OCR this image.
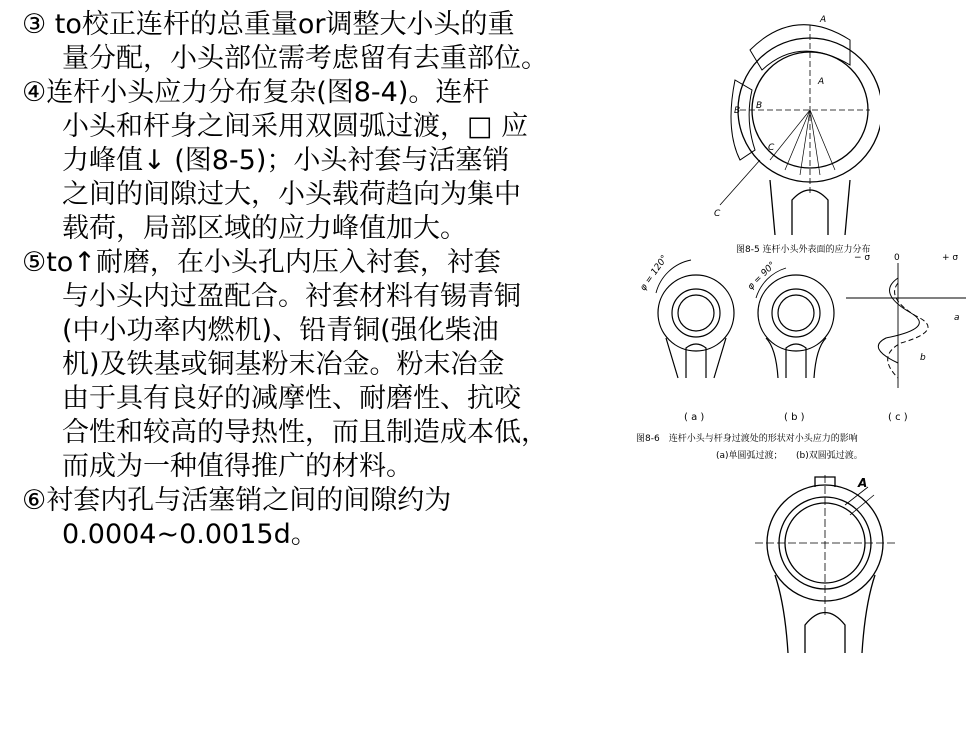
③ to校正连杆的总重量or调整大小头的重
量分配，小头部位需考虑留有去重部位。

④连杆小头应力分布复杂(图8-4)。连杆
小头和杆身之间采用双圆弧过渡，□ 应
力峰值↓ (图8-5)；小头衬套与活塞销
之间的间隙过大，小头载荷趋向为集中
载荷，局部区域的应力峰值加大。

⑤to↑耐磨，在小头孔内压入衬套，衬套
与小头内过盈配合。衬套材料有锡青铜
(中小功率内燃机)、铅青铜(强化柴油
机)及铁基或铜基粉末冶金。粉末冶金
由于具有良好的减摩性、耐磨性、抗咬
合性和较高的导热性，而且制造成本低，
而成为一种值得推广的材料。

⑥衬套内孔与活塞销之间的间隙约为
0.0004~0.0015d。

A
A
B B
C
C
图8-5 连杆小头外表面的应力分布
φ = 120°	φ = 90°
− σ	0	+ σ
a
b
( a )	( b )	( c )
图8-6　连杆小头与杆身过渡处的形状对小头应力的影响
(a)单圆弧过渡；　　(b)双圆弧过渡。
A
